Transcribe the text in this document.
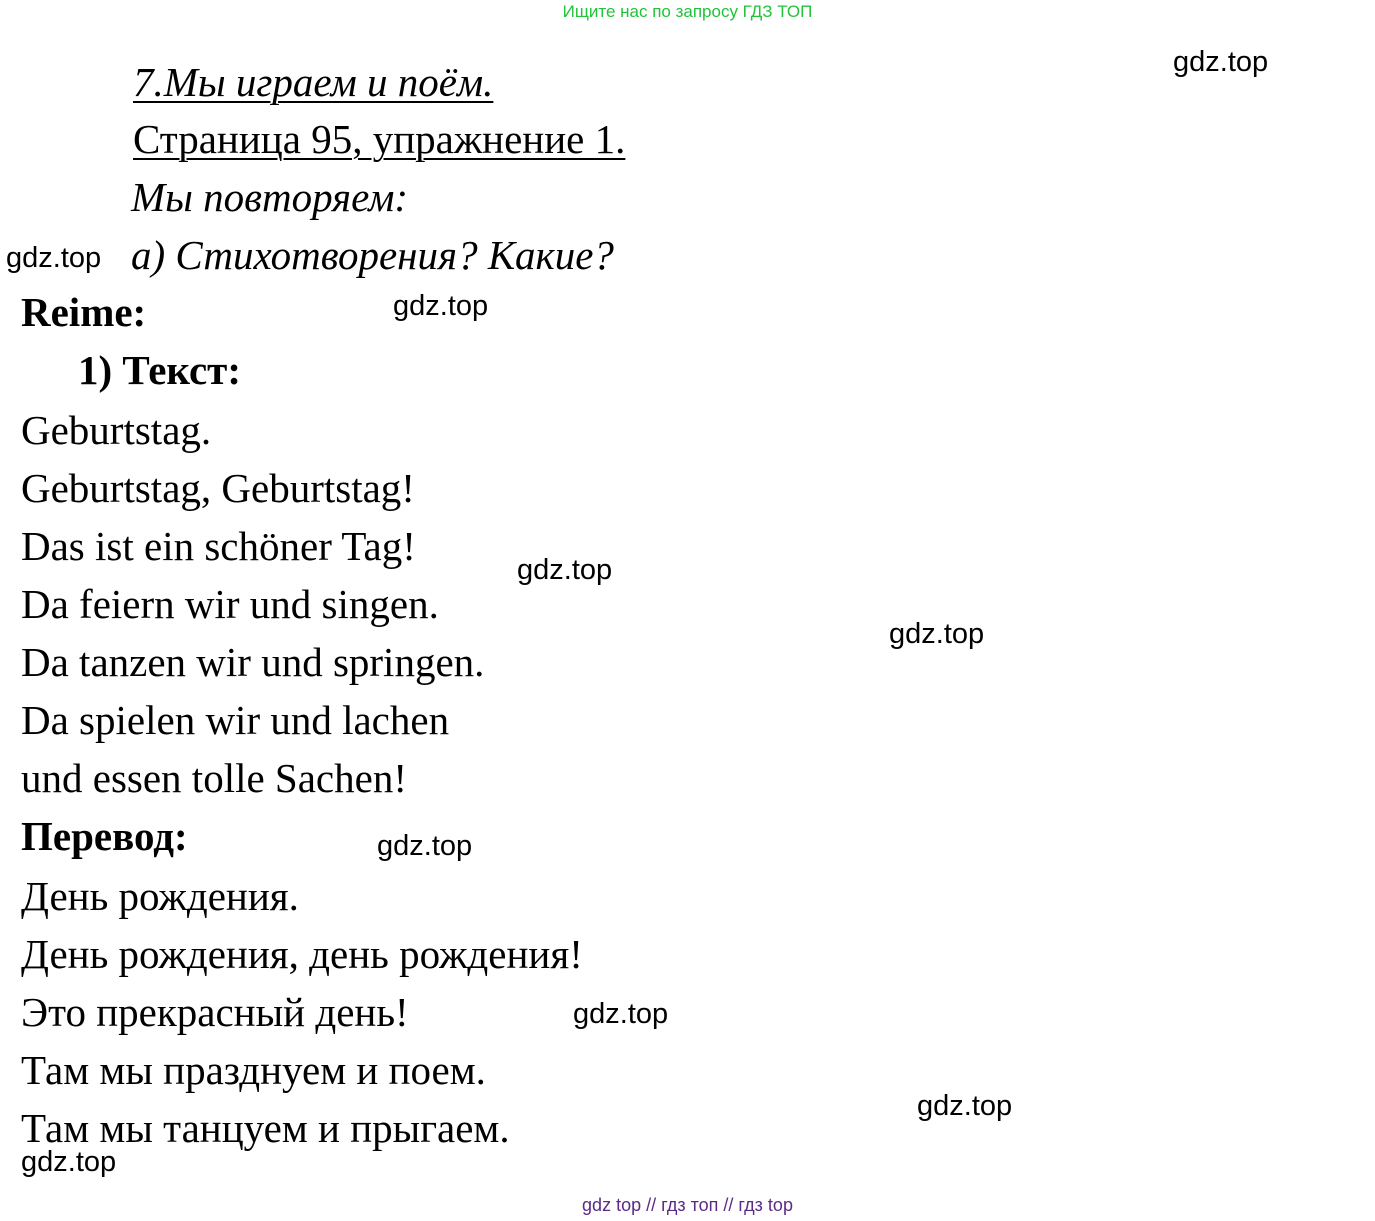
Ищите нас по запросу ГДЗ ТОП
7.Мы играем и поём.
Страница 95, упражнение 1.
Мы повторяем:
а) Стихотворения? Какие?
Reime:
1) Текст:
Geburtstag.
Geburtstag, Geburtstag!
Das ist ein schöner Tag!
Da feiern wir und singen.
Da tanzen wir und springen.
Da spielen wir und lachen
und essen tolle Sachen!
Перевод:
День рождения.
День рождения, день рождения!
Это прекрасный день!
Там мы празднуем и поем.
Там мы танцуем и прыгаем.
gdz.top
gdz.top
gdz.top
gdz.top
gdz.top
gdz.top
gdz.top
gdz.top
gdz.top
gdz top // гдз топ // гдз top
